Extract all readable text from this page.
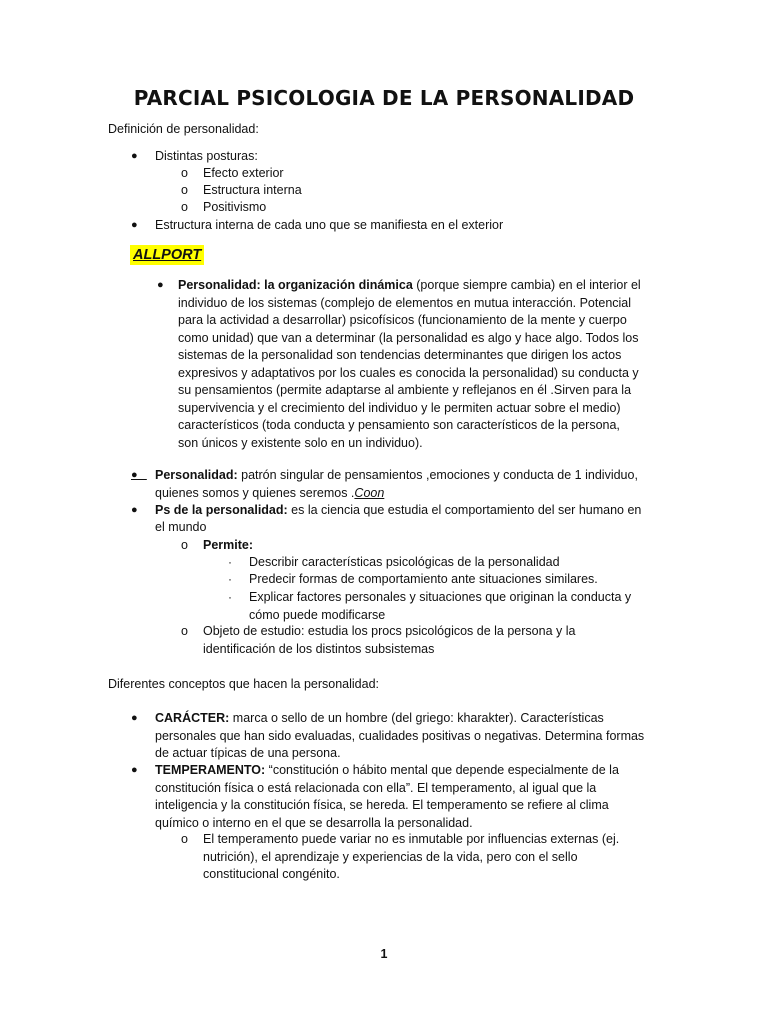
PARCIAL PSICOLOGIA DE LA PERSONALIDAD
Definición de personalidad:
● Distintas posturas:
o Efecto exterior
o Estructura interna
o Positivismo
● Estructura interna de cada uno que se manifiesta en el exterior
ALLPORT
● Personalidad: la organización dinámica (porque siempre cambia) en el interior el
individuo de los sistemas (complejo de elementos en mutua interacción. Potencial
para la actividad a desarrollar) psicofísicos (funcionamiento de la mente y cuerpo
como unidad) que van a determinar (la personalidad es algo y hace algo. Todos los
sistemas de la personalidad son tendencias determinantes que dirigen los actos
expresivos y adaptativos por los cuales es conocida la personalidad) su conducta y
su pensamientos (permite adaptarse al ambiente y reflejanos en él .Sirven para la
supervivencia y el crecimiento del individuo y le permiten actuar sobre el medio)
característicos (toda conducta y pensamiento son característicos de la persona,
son únicos y existente solo en un individuo).
● Personalidad: patrón singular de pensamientos ,emociones y conducta de 1 individuo,
quienes somos y quienes seremos .Coon
● Ps de la personalidad: es la ciencia que estudia el comportamiento del ser humano en
el mundo
o Permite:
· Describir características psicológicas de la personalidad
· Predecir formas de comportamiento ante situaciones similares.
· Explicar factores personales y situaciones que originan la conducta y
cómo puede modificarse
o Objeto de estudio: estudia los procs psicológicos de la persona y la
identificación de los distintos subsistemas
Diferentes conceptos que hacen la personalidad:
● CARÁCTER: marca o sello de un hombre (del griego: kharakter). Características
personales que han sido evaluadas, cualidades positivas o negativas. Determina formas
de actuar típicas de una persona.
● TEMPERAMENTO: “constitución o hábito mental que depende especialmente de la
constitución física o está relacionada con ella”. El temperamento, al igual que la
inteligencia y la constitución física, se hereda. El temperamento se refiere al clima
químico o interno en el que se desarrolla la personalidad.
o El temperamento puede variar no es inmutable por influencias externas (ej.
nutrición), el aprendizaje y experiencias de la vida, pero con el sello
constitucional congénito.
1
